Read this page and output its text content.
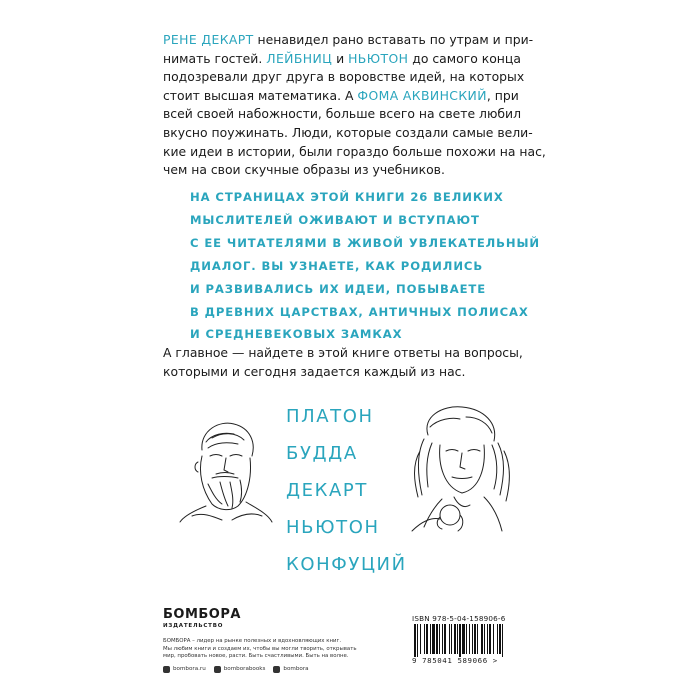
РЕНЕ ДЕКАРТ ненавидел рано вставать по утрам и при-
нимать гостей. ЛЕЙБНИЦ и НЬЮТОН до самого конца
подозревали друг друга в воровстве идей, на которых
стоит высшая математика. А ФОМА АКВИНСКИЙ, при
всей своей набожности, больше всего на свете любил
вкусно поужинать. Люди, которые создали самые вели-
кие идеи в истории, были гораздо больше похожи на нас,
чем на свои скучные образы из учебников.
НА СТРАНИЦАХ ЭТОЙ КНИГИ 26 ВЕЛИКИХ
МЫСЛИТЕЛЕЙ ОЖИВАЮТ И ВСТУПАЮТ
С ЕЕ ЧИТАТЕЛЯМИ В ЖИВОЙ УВЛЕКАТЕЛЬНЫЙ
ДИАЛОГ. ВЫ УЗНАЕТЕ, КАК РОДИЛИСЬ
И РАЗВИВАЛИСЬ ИХ ИДЕИ, ПОБЫВАЕТЕ
В ДРЕВНИХ ЦАРСТВАХ, АНТИЧНЫХ ПОЛИСАХ
И СРЕДНЕВЕКОВЫХ ЗАМКАХ
А главное — найдете в этой книге ответы на вопросы,
которыми и сегодня задается каждый из нас.
ПЛАТОН
БУДДА
ДЕКАРТ
НЬЮТОН
КОНФУЦИЙ
БОМБОРА
ИЗДАТЕЛЬСТВО
БОМБОРА – лидер на рынке полезных и вдохновляющих книг.
Мы любим книги и создаем их, чтобы вы могли творить, открывать
мир, пробовать новое, расти. Быть счастливыми. Быть на волне.
bombora.ru	bomborabooks	bombora
ISBN 978-5-04-158906-6
9 785041 589066 >
